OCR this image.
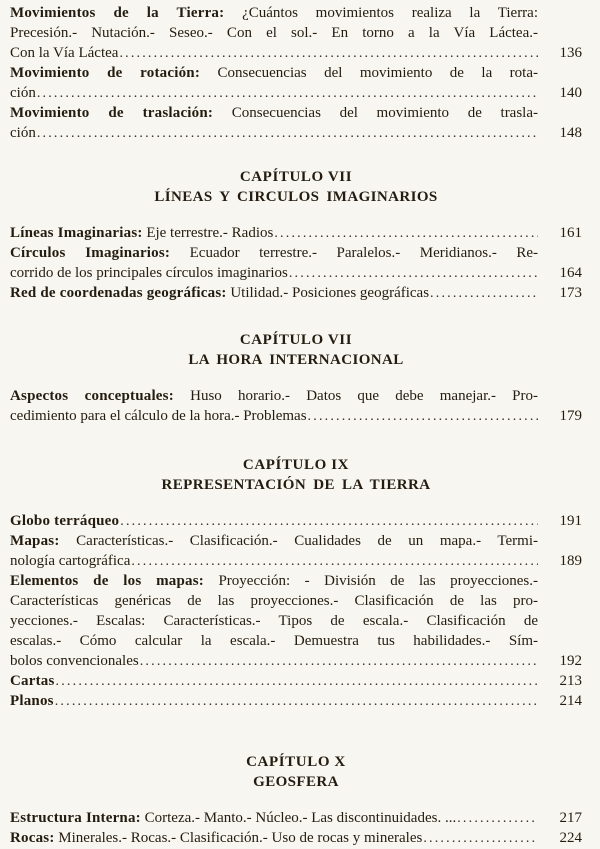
Movimientos de la Tierra: ¿Cuántos movimientos realiza la Tierra:
Precesión.- Nutación.- Seseo.- Con el sol.- En torno a la Vía Láctea.-
Con la Vía Láctea .....	136
Movimiento de rotación: Consecuencias del movimiento de la rota-
ción .....	140
Movimiento de traslación: Consecuencias del movimiento de trasla-
ción .....	148
CAPÍTULO VII
LÍNEAS Y CIRCULOS IMAGINARIOS
Líneas Imaginarias: Eje terrestre.- Radios .....	161
Círculos Imaginarios: Ecuador terrestre.- Paralelos.- Meridianos.- Re-
corrido de los principales círculos imaginarios .....	164
Red de coordenadas geográficas: Utilidad.- Posiciones geográficas .....	173
CAPÍTULO VII
LA HORA INTERNACIONAL
Aspectos conceptuales: Huso horario.- Datos que debe manejar.- Pro-
cedimiento para el cálculo de la hora.- Problemas .....	179
CAPÍTULO IX
REPRESENTACIÓN DE LA TIERRA
Globo terráqueo .....	191
Mapas: Características.- Clasificación.- Cualidades de un mapa.- Termi-
nología cartográfica .....	189
Elementos de los mapas: Proyección: - División de las proyecciones.-
Características genéricas de las proyecciones.- Clasificación de las pro-
yecciones.- Escalas: Características.- Tipos de escala.- Clasificación de
escalas.- Cómo calcular la escala.- Demuestra tus habilidades.- Sím-
bolos convencionales .....	192
Cartas .....	213
Planos .....	214
CAPÍTULO X
GEOSFERA
Estructura Interna: Corteza.- Manto.- Núcleo.- Las discontinuidades. ... .....	217
Rocas: Minerales.- Rocas.- Clasificación.- Uso de rocas y minerales .....	224
